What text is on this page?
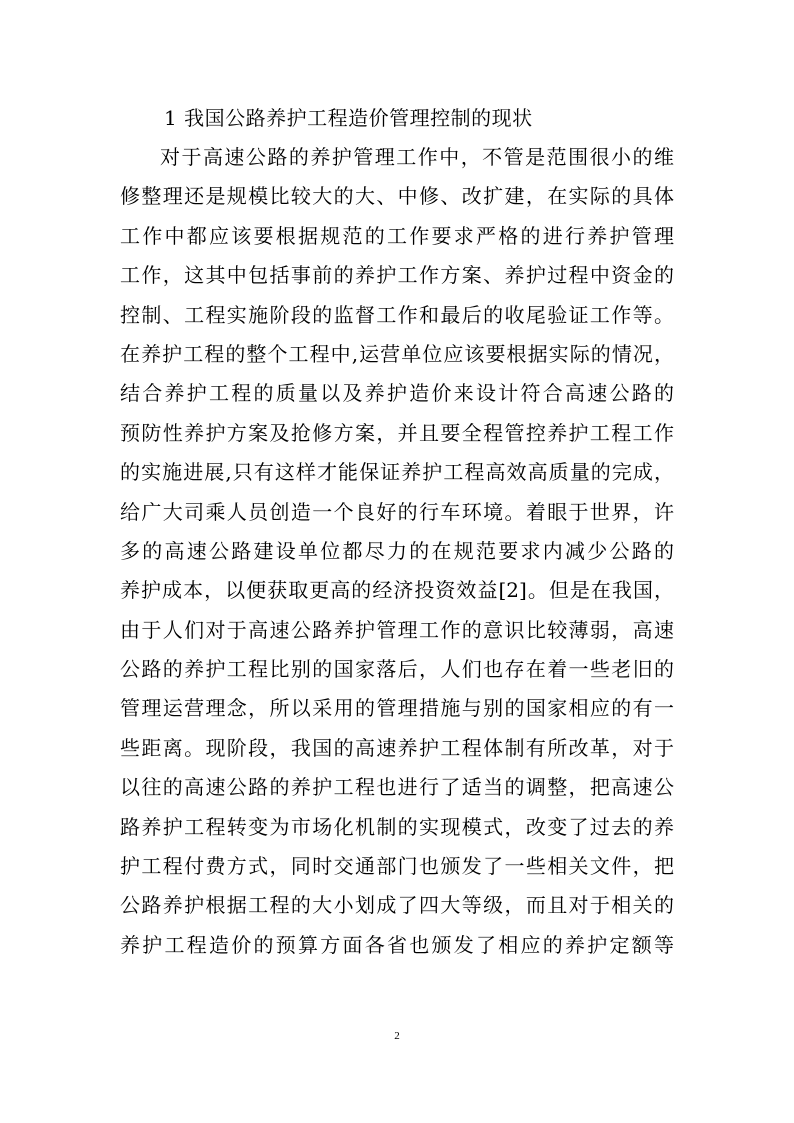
1 我国公路养护工程造价管理控制的现状
对于高速公路的养护管理工作中，不管是范围很小的维
修整理还是规模比较大的大、中修、改扩建，在实际的具体
工作中都应该要根据规范的工作要求严格的进行养护管理
工作，这其中包括事前的养护工作方案、养护过程中资金的
控制、工程实施阶段的监督工作和最后的收尾验证工作等。
在养护工程的整个工程中,运营单位应该要根据实际的情况，
结合养护工程的质量以及养护造价来设计符合高速公路的
预防性养护方案及抢修方案，并且要全程管控养护工程工作
的实施进展,只有这样才能保证养护工程高效高质量的完成，
给广大司乘人员创造一个良好的行车环境。着眼于世界，许
多的高速公路建设单位都尽力的在规范要求内减少公路的
养护成本，以便获取更高的经济投资效益[2]。但是在我国，
由于人们对于高速公路养护管理工作的意识比较薄弱，高速
公路的养护工程比别的国家落后，人们也存在着一些老旧的
管理运营理念，所以采用的管理措施与别的国家相应的有一
些距离。现阶段，我国的高速养护工程体制有所改革，对于
以往的高速公路的养护工程也进行了适当的调整，把高速公
路养护工程转变为市场化机制的实现模式，改变了过去的养
护工程付费方式，同时交通部门也颁发了一些相关文件，把
公路养护根据工程的大小划成了四大等级，而且对于相关的
养护工程造价的预算方面各省也颁发了相应的养护定额等
2
